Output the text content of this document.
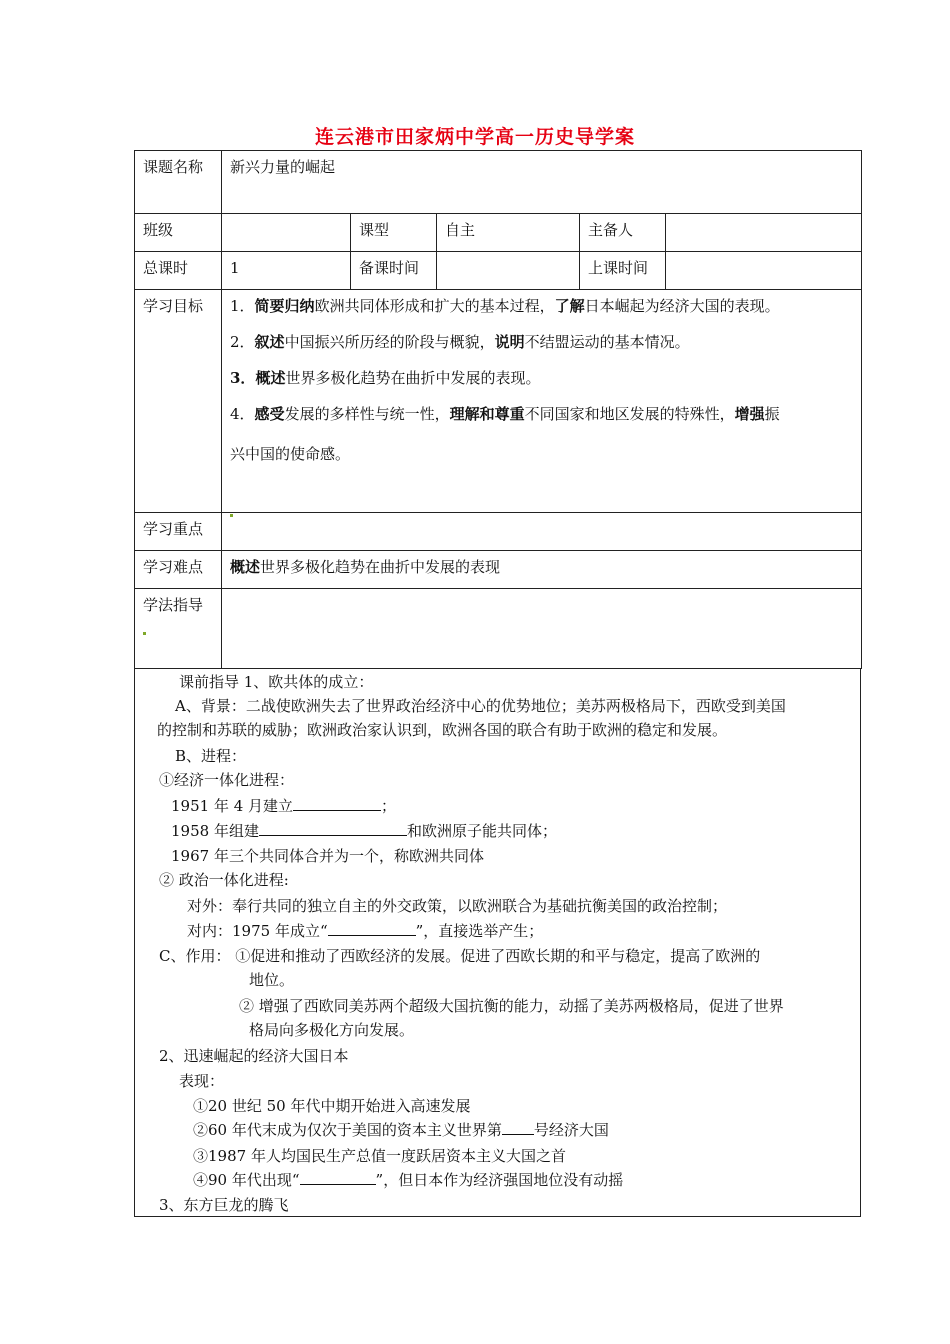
连云港市田家炳中学高一历史导学案
课题名称	新兴力量的崛起				
班级		课型	自主	主备人	
总课时	1	备课时间		上课时间	
学习目标	1．简要归纳欧洲共同体形成和扩大的基本过程，了解日本崛起为经济大国的表现。
2．叙述中国振兴所历经的阶段与概貌，说明不结盟运动的基本情况。
3．概述世界多极化趋势在曲折中发展的表现。
4．感受发展的多样性与统一性，理解和尊重不同国家和地区发展的特殊性，增强振
兴中国的使命感。				

学习重点					
学习难点	概述世界多极化趋势在曲折中发展的表现				
学法指导					
课前指导 1、欧共体的成立：
A、背景：二战使欧洲失去了世界政治经济中心的优势地位；美苏两极格局下，西欧受到美国
的控制和苏联的威胁；欧洲政治家认识到，欧洲各国的联合有助于欧洲的稳定和发展。
B、进程：
①经济一体化进程：
1951 年 4 月建立	；
1958 年组建	和欧洲原子能共同体；
1967 年三个共同体合并为一个，称欧洲共同体
② 政治一体化进程:
对外：奉行共同的独立自主的外交政策，以欧洲联合为基础抗衡美国的政治控制；
对内：1975 年成立“	”，直接选举产生；
C、作用： ①促进和推动了西欧经济的发展。促进了西欧长期的和平与稳定，提高了欧洲的
地位。
② 增强了西欧同美苏两个超级大国抗衡的能力，动摇了美苏两极格局，促进了世界
格局向多极化方向发展。
2、迅速崛起的经济大国日本
表现：
①20 世纪 50 年代中期开始进入高速发展
②60 年代末成为仅次于美国的资本主义世界第 号经济大国
③1987 年人均国民生产总值一度跃居资本主义大国之首
④90 年代出现“	”，但日本作为经济强国地位没有动摇
3、东方巨龙的腾飞
